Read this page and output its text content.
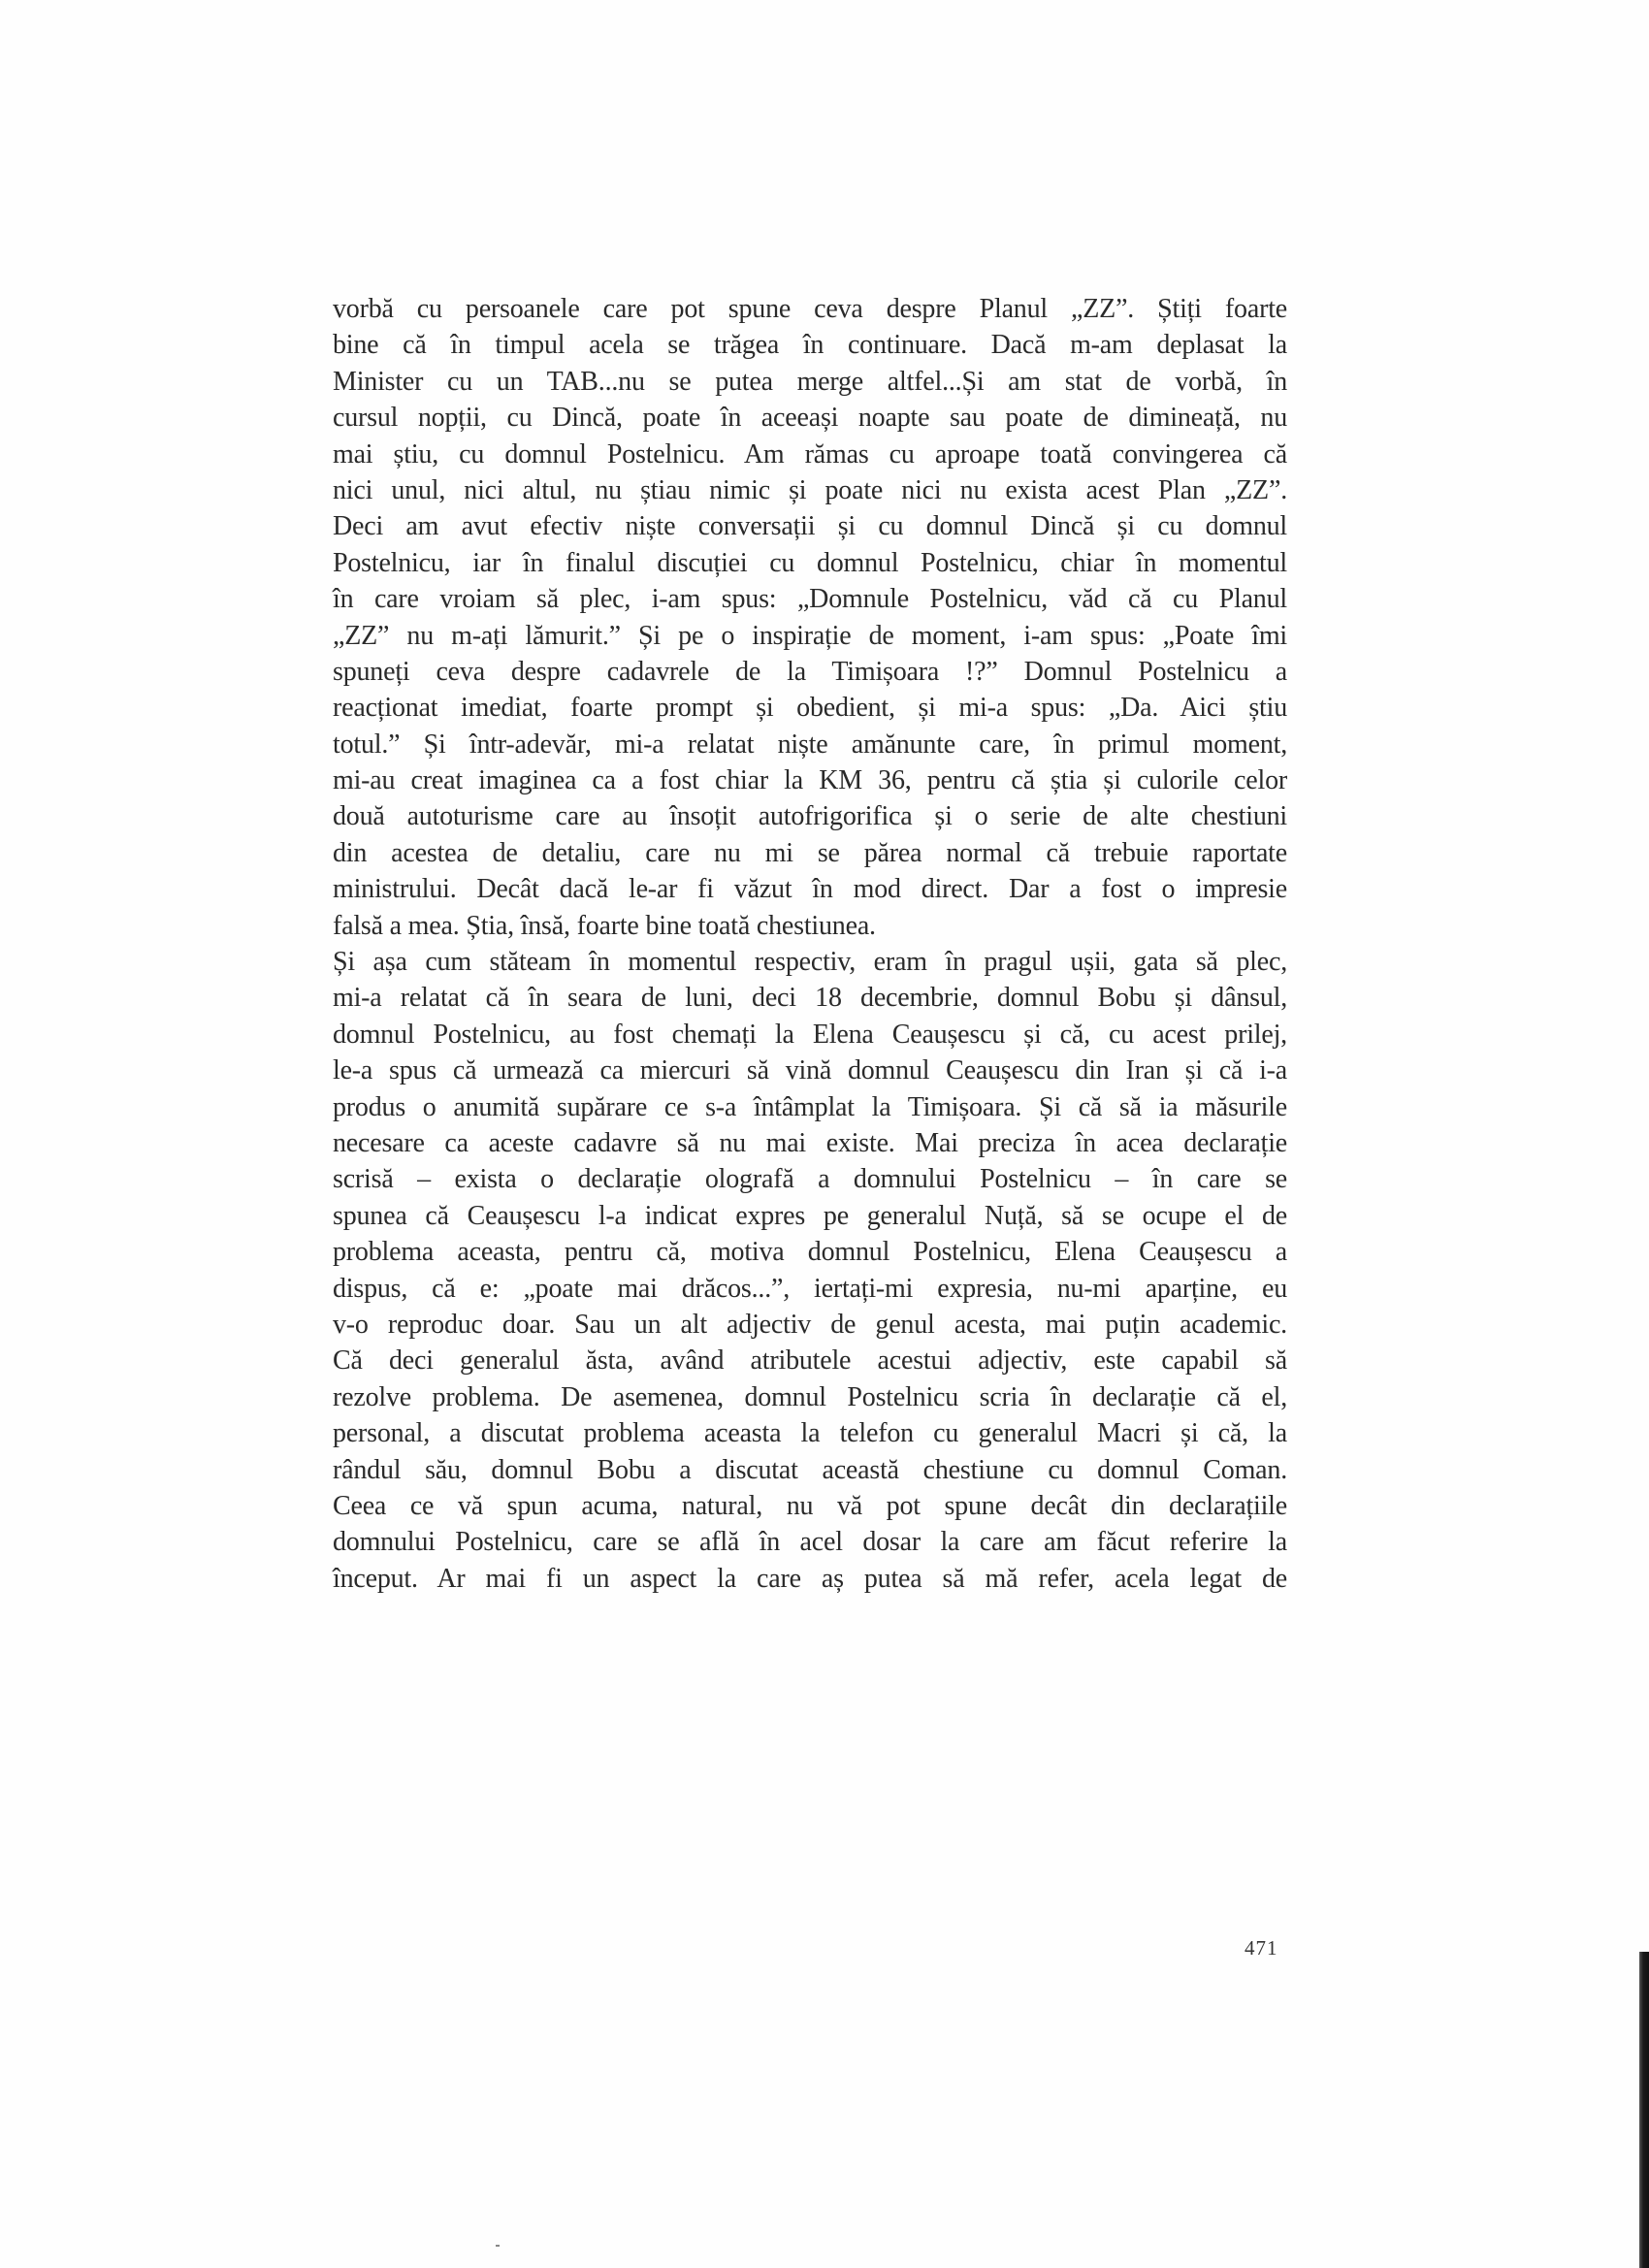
vorbă cu persoanele care pot spune ceva despre Planul „ZZ”. Știți foarte
bine că în timpul acela se trăgea în continuare. Dacă m-am deplasat la
Minister cu un TAB...nu se putea merge altfel...Și am stat de vorbă, în
cursul nopții, cu Dincă, poate în aceeași noapte sau poate de dimineață, nu
mai știu, cu domnul Postelnicu. Am rămas cu aproape toată convingerea că
nici unul, nici altul, nu știau nimic și poate nici nu exista acest Plan „ZZ”.
Deci am avut efectiv niște conversații și cu domnul Dincă și cu domnul
Postelnicu, iar în finalul discuției cu domnul Postelnicu, chiar în momentul
în care vroiam să plec, i-am spus: „Domnule Postelnicu, văd că cu Planul
„ZZ” nu m-ați lămurit.” Și pe o inspirație de moment, i-am spus: „Poate îmi
spuneți ceva despre cadavrele de la Timișoara !?” Domnul Postelnicu a
reacționat imediat, foarte prompt și obedient, și mi-a spus: „Da. Aici știu
totul.” Și într-adevăr, mi-a relatat niște amănunte care, în primul moment,
mi-au creat imaginea ca a fost chiar la KM 36, pentru că știa și culorile celor
două autoturisme care au însoțit autofrigorifica și o serie de alte chestiuni
din acestea de detaliu, care nu mi se părea normal că trebuie raportate
ministrului. Decât dacă le-ar fi văzut în mod direct. Dar a fost o impresie
falsă a mea. Știa, însă, foarte bine toată chestiunea.
Și așa cum stăteam în momentul respectiv, eram în pragul ușii, gata să plec,
mi-a relatat că în seara de luni, deci 18 decembrie, domnul Bobu și dânsul,
domnul Postelnicu, au fost chemați la Elena Ceaușescu și că, cu acest prilej,
le-a spus că urmează ca miercuri să vină domnul Ceaușescu din Iran și că i-a
produs o anumită supărare ce s-a întâmplat la Timișoara. Și că să ia măsurile
necesare ca aceste cadavre să nu mai existe. Mai preciza în acea declarație
scrisă – exista o declarație olografă a domnului Postelnicu – în care se
spunea că Ceaușescu l-a indicat expres pe generalul Nuță, să se ocupe el de
problema aceasta, pentru că, motiva domnul Postelnicu, Elena Ceaușescu a
dispus, că e: „poate mai drăcos...”, iertați-mi expresia, nu-mi aparține, eu
v-o reproduc doar. Sau un alt adjectiv de genul acesta, mai puțin academic.
Că deci generalul ăsta, având atributele acestui adjectiv, este capabil să
rezolve problema. De asemenea, domnul Postelnicu scria în declarație că el,
personal, a discutat problema aceasta la telefon cu generalul Macri și că, la
rândul său, domnul Bobu a discutat această chestiune cu domnul Coman.
Ceea ce vă spun acuma, natural, nu vă pot spune decât din declarațiile
domnului Postelnicu, care se află în acel dosar la care am făcut referire la
început. Ar mai fi un aspect la care aș putea să mă refer, acela legat de
471
